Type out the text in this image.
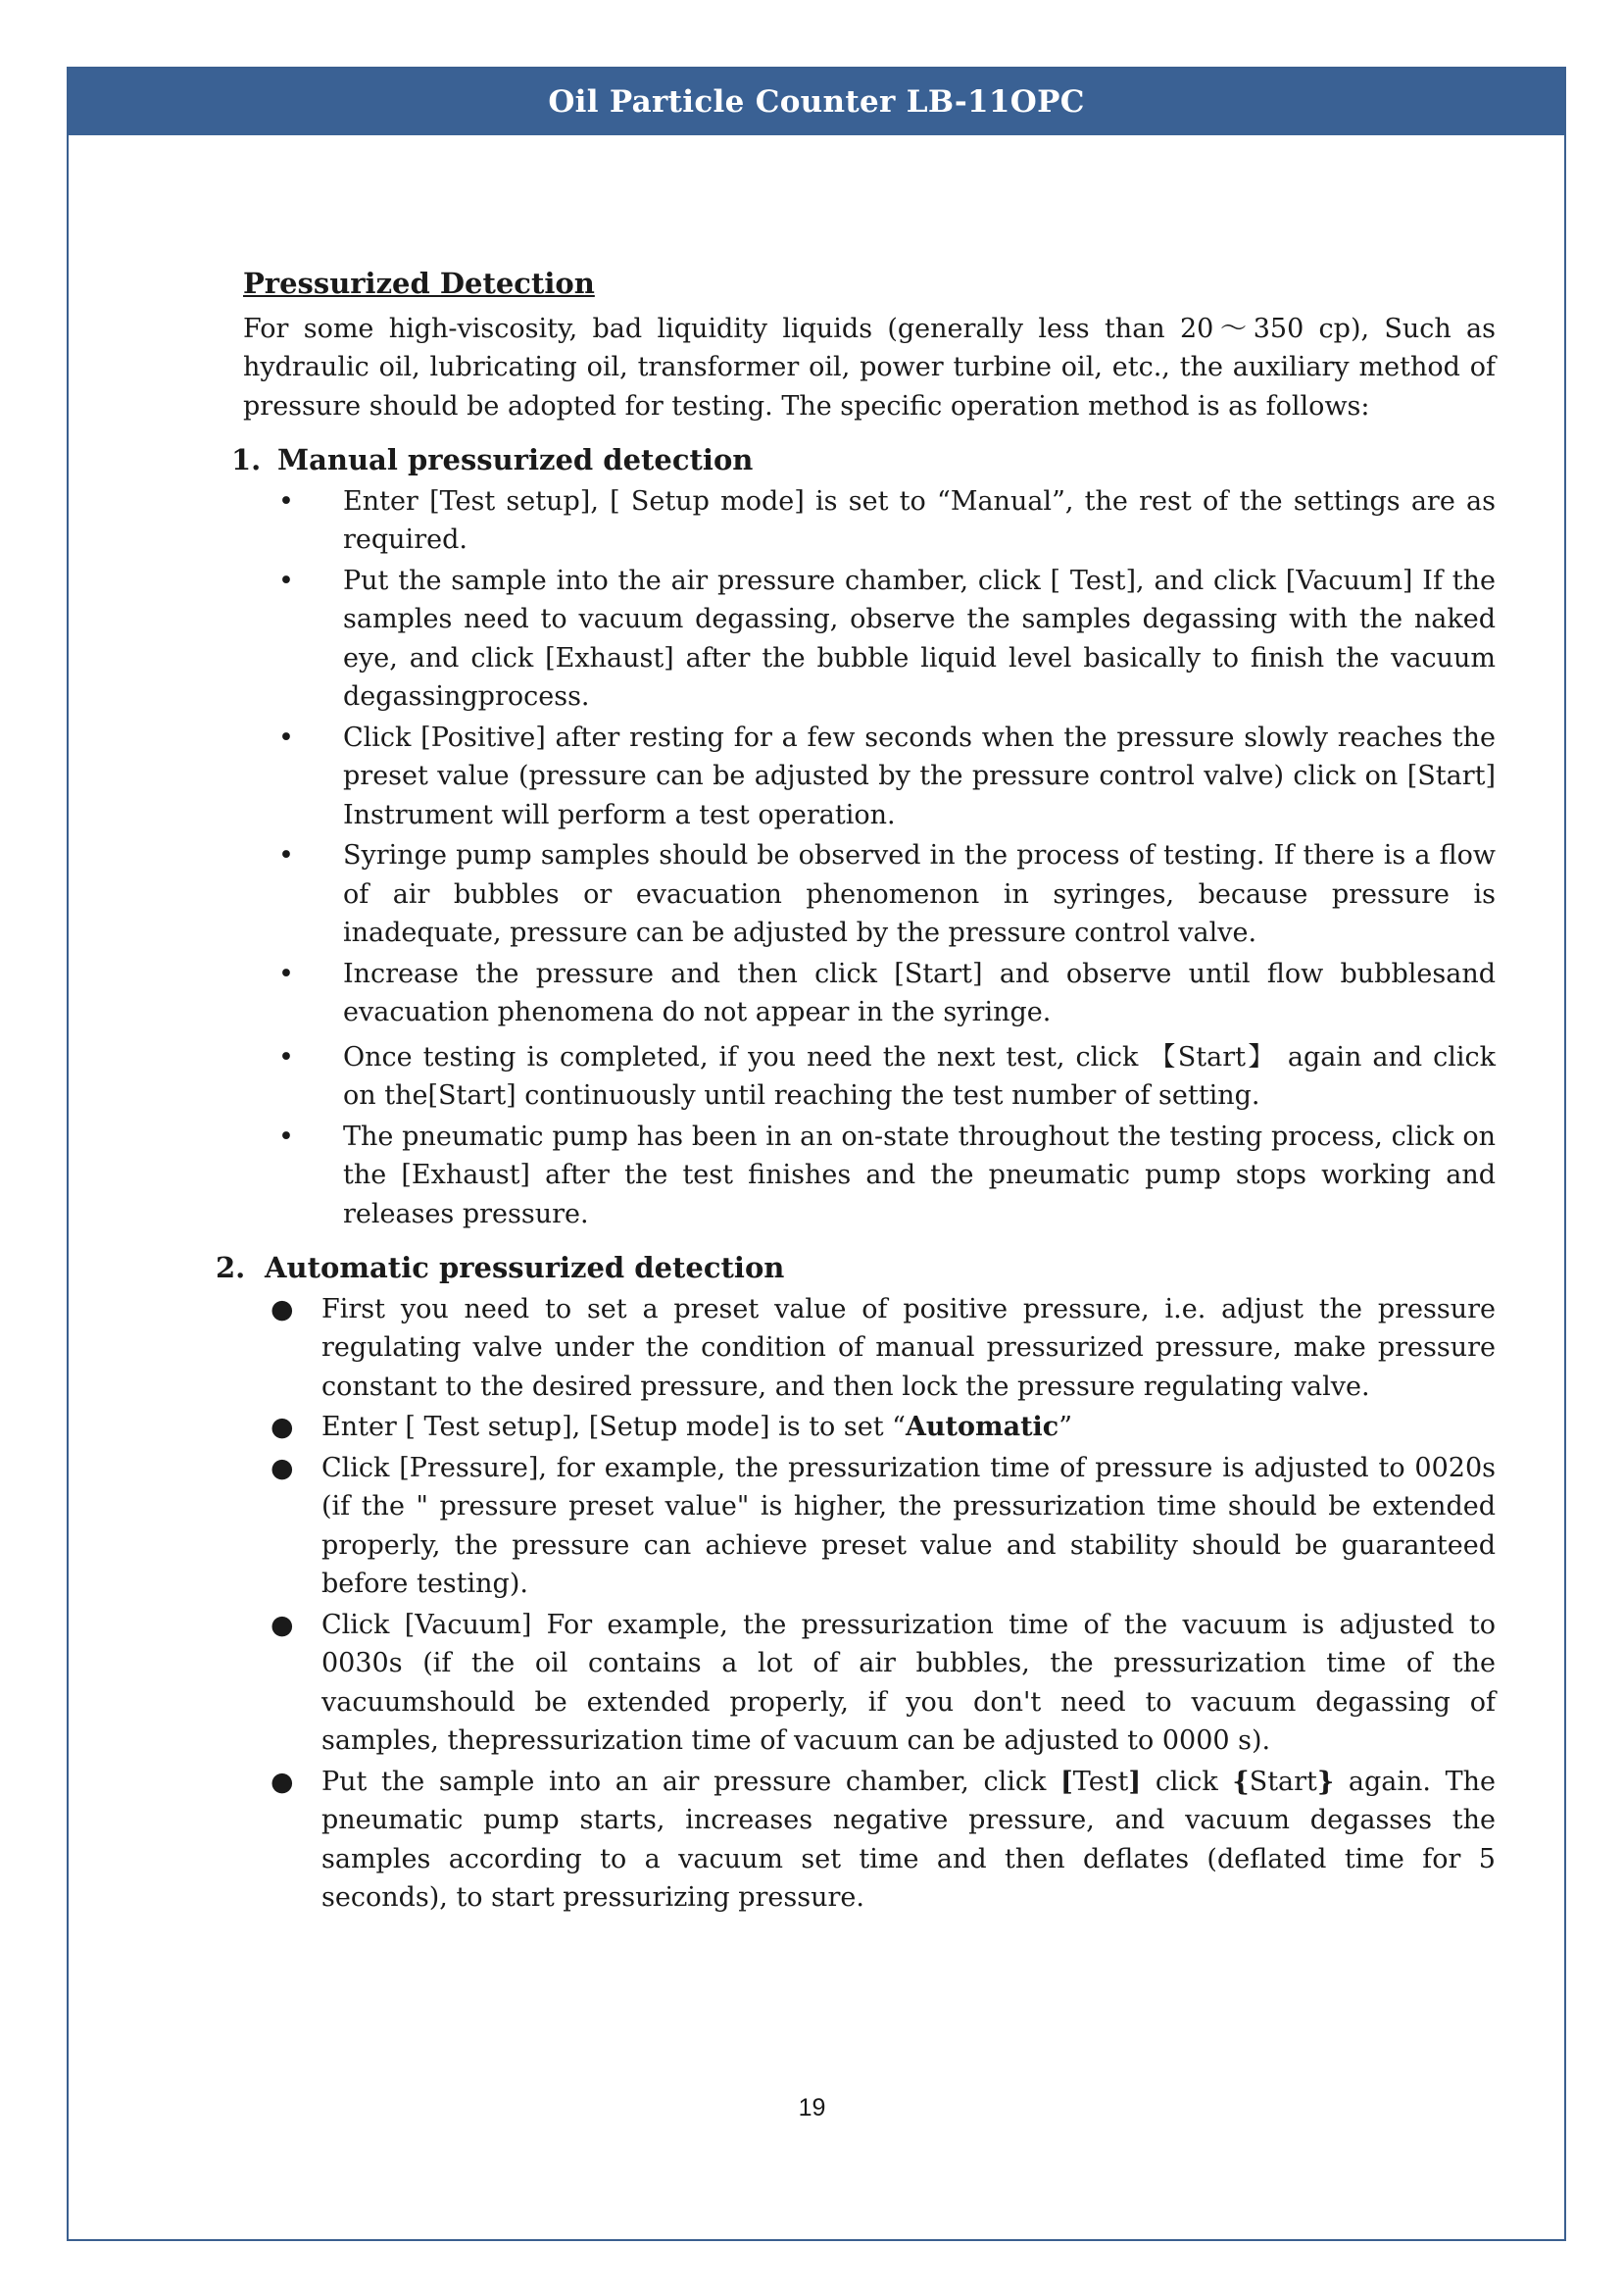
Oil Particle Counter LB-11OPC

Pressurized Detection

For some high-viscosity, bad liquidity liquids (generally less than 20～350 cp), Such as hydraulic oil, lubricating oil, transformer oil, power turbine oil, etc., the auxiliary method of pressure should be adopted for testing. The specific operation method is as follows:

1. Manual pressurized detection
• Enter [Test setup], [ Setup mode] is set to “Manual”, the rest of the settings are as required.
• Put the sample into the air pressure chamber, click [ Test], and click [Vacuum] If the samples need to vacuum degassing, observe the samples degassing with the naked eye, and click [Exhaust] after the bubble liquid level basically to finish the vacuum degassingprocess.
• Click [Positive] after resting for a few seconds when the pressure slowly reaches the preset value (pressure can be adjusted by the pressure control valve) click on [Start] Instrument will perform a test operation.
• Syringe pump samples should be observed in the process of testing. If there is a flow of air bubbles or evacuation phenomenon in syringes, because pressure is inadequate, pressure can be adjusted by the pressure control valve.
• Increase the pressure and then click [Start] and observe until flow bubblesand evacuation phenomena do not appear in the syringe.
• Once testing is completed, if you need the next test, click 【Start】 again and click on the[Start] continuously until reaching the test number of setting.
• The pneumatic pump has been in an on-state throughout the testing process, click on the [Exhaust] after the test finishes and the pneumatic pump stops working and releases pressure.
2. Automatic pressurized detection
● First you need to set a preset value of positive pressure, i.e. adjust the pressure regulating valve under the condition of manual pressurized pressure, make pressure constant to the desired pressure, and then lock the pressure regulating valve.
● Enter [ Test setup], [Setup mode] is to set “Automatic”
● Click [Pressure], for example, the pressurization time of pressure is adjusted to 0020s (if the " pressure preset value" is higher, the pressurization time should be extended properly, the pressure can achieve preset value and stability should be guaranteed before testing).
● Click [Vacuum] For example, the pressurization time of the vacuum is adjusted to 0030s (if the oil contains a lot of air bubbles, the pressurization time of the vacuumshould be extended properly, if you don't need to vacuum degassing of samples, thepressurization time of vacuum can be adjusted to 0000 s).
● Put the sample into an air pressure chamber, click [Test] click {Start} again. The pneumatic pump starts, increases negative pressure, and vacuum degasses the samples according to a vacuum set time and then deflates (deflated time for 5 seconds), to start pressurizing pressure.
19
